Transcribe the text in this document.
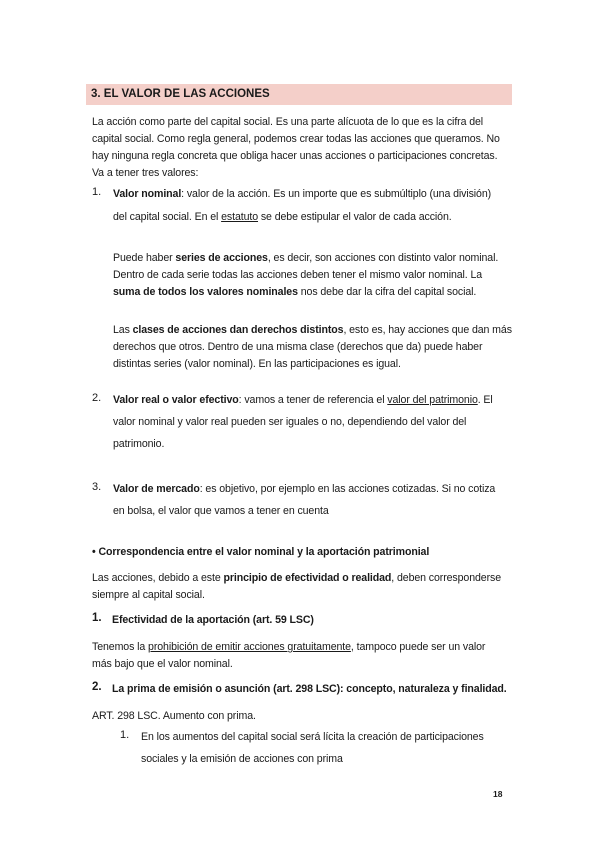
3. EL VALOR DE LAS ACCIONES
La acción como parte del capital social. Es una parte alícuota de lo que es la cifra del
capital social. Como regla general, podemos crear todas las acciones que queramos. No
hay ninguna regla concreta que obliga hacer unas acciones o participaciones concretas.
Va a tener tres valores:
1. Valor nominal: valor de la acción. Es un importe que es submúltiplo (una división)
del capital social. En el estatuto se debe estipular el valor de cada acción.
Puede haber series de acciones, es decir, son acciones con distinto valor nominal.
Dentro de cada serie todas las acciones deben tener el mismo valor nominal. La
suma de todos los valores nominales nos debe dar la cifra del capital social.
Las clases de acciones dan derechos distintos, esto es, hay acciones que dan más
derechos que otros. Dentro de una misma clase (derechos que da) puede haber
distintas series (valor nominal). En las participaciones es igual.
2. Valor real o valor efectivo: vamos a tener de referencia el valor del patrimonio. El
valor nominal y valor real pueden ser iguales o no, dependiendo del valor del
patrimonio.
3. Valor de mercado: es objetivo, por ejemplo en las acciones cotizadas. Si no cotiza
en bolsa, el valor que vamos a tener en cuenta
• Correspondencia entre el valor nominal y la aportación patrimonial
Las acciones, debido a este principio de efectividad o realidad, deben corresponderse
siempre al capital social.
1. Efectividad de la aportación (art. 59 LSC)
Tenemos la prohibición de emitir acciones gratuitamente, tampoco puede ser un valor
más bajo que el valor nominal.
2. La prima de emisión o asunción (art. 298 LSC): concepto, naturaleza y finalidad.
ART. 298 LSC. Aumento con prima.
1. En los aumentos del capital social será lícita la creación de participaciones
sociales y la emisión de acciones con prima
18
